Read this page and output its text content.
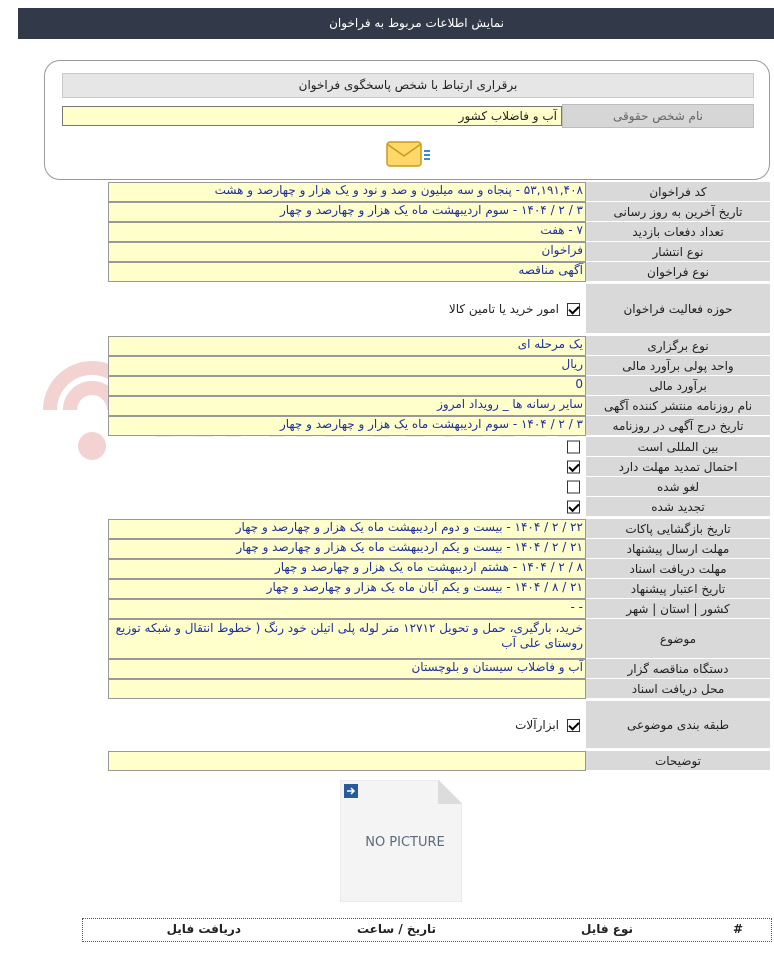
نمایش اطلاعات مربوط به فراخوان
برقراری ارتباط با شخص پاسخگوی فراخوان
نام شخص حقوقی
آب و فاضلاب کشور
کد فراخوان
۵۳,۱۹۱,۴۰۸ - پنجاه و سه میلیون و صد و نود و یک هزار و چهارصد و هشت
تاریخ آخرین به روز رسانی
۳ / ۲ / ۱۴۰۴ - سوم اردیبهشت ماه یک هزار و چهارصد و چهار
تعداد دفعات بازدید
۷ - هفت
نوع انتشار
فراخوان
نوع فراخوان
آگهی مناقصه
حوزه فعالیت فراخوان
امور خرید یا تامین کالا
نوع برگزاری
یک مرحله ای
واحد پولی برآورد مالی
ریال
برآورد مالی
0
نام روزنامه منتشر کننده آگهی
سایر رسانه ها _ رویداد امروز
تاریخ درج آگهی در روزنامه
۳ / ۲ / ۱۴۰۴ - سوم اردیبهشت ماه یک هزار و چهارصد و چهار
بین المللی است
احتمال تمدید مهلت دارد
لغو شده
تجدید شده
تاریخ بازگشایی پاکات
۲۲ / ۲ / ۱۴۰۴ - بیست و دوم اردیبهشت ماه یک هزار و چهارصد و چهار
مهلت ارسال پیشنهاد
۲۱ / ۲ / ۱۴۰۴ - بیست و یکم اردیبهشت ماه یک هزار و چهارصد و چهار
مهلت دریافت اسناد
۸ / ۲ / ۱۴۰۴ - هشتم اردیبهشت ماه یک هزار و چهارصد و چهار
تاریخ اعتبار پیشنهاد
۲۱ / ۸ / ۱۴۰۴ - بیست و یکم آبان ماه یک هزار و چهارصد و چهار
کشور | استان | شهر
- -
موضوع
خرید، بارگیری، حمل و تحویل ۱۲۷۱۲ متر لوله پلی اتیلن خود رنگ ( خطوط انتقال و شبکه توزیع روستای علی آب
دستگاه مناقصه گزار
آب و فاضلاب سیستان و بلوچستان
محل دریافت اسناد
طبقه بندی موضوعی
ابزارآلات
توضیحات
NO PICTURE
#
نوع فایل
تاریخ / ساعت
دریافت فایل
